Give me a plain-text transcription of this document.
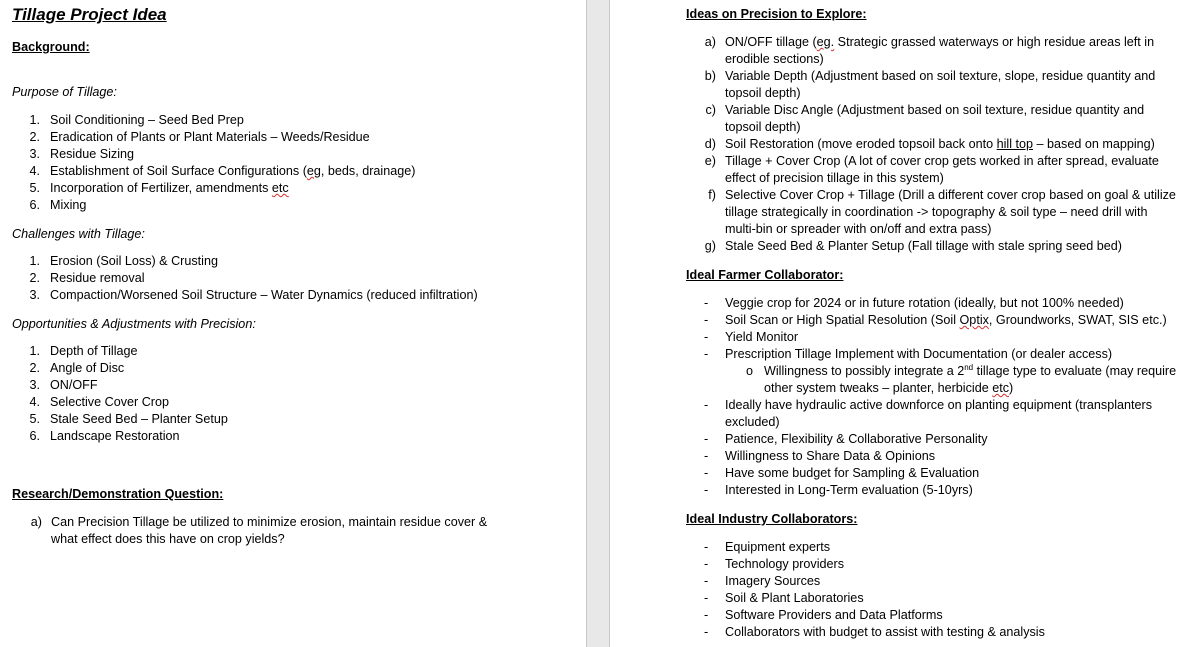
Tillage Project Idea
Background:
Purpose of Tillage:
1. Soil Conditioning – Seed Bed Prep
2. Eradication of Plants or Plant Materials – Weeds/Residue
3. Residue Sizing
4. Establishment of Soil Surface Configurations (eg, beds, drainage)
5. Incorporation of Fertilizer, amendments etc
6. Mixing
Challenges with Tillage:
1. Erosion (Soil Loss) & Crusting
2. Residue removal
3. Compaction/Worsened Soil Structure – Water Dynamics (reduced infiltration)
Opportunities & Adjustments with Precision:
1. Depth of Tillage
2. Angle of Disc
3. ON/OFF
4. Selective Cover Crop
5. Stale Seed Bed – Planter Setup
6. Landscape Restoration
Research/Demonstration Question:
a) Can Precision Tillage be utilized to minimize erosion, maintain residue cover &
what effect does this have on crop yields?
Ideas on Precision to Explore:
a) ON/OFF tillage (eg. Strategic grassed waterways or high residue areas left in
erodible sections)
b) Variable Depth (Adjustment based on soil texture, slope, residue quantity and
topsoil depth)
c) Variable Disc Angle (Adjustment based on soil texture, residue quantity and
topsoil depth)
d) Soil Restoration (move eroded topsoil back onto hill top – based on mapping)
e) Tillage + Cover Crop (A lot of cover crop gets worked in after spread, evaluate
effect of precision tillage in this system)
f) Selective Cover Crop + Tillage (Drill a different cover crop based on goal & utilize
tillage strategically in coordination -> topography & soil type – need drill with
multi-bin or spreader with on/off and extra pass)
g) Stale Seed Bed & Planter Setup (Fall tillage with stale spring seed bed)
Ideal Farmer Collaborator:
- Veggie crop for 2024 or in future rotation (ideally, but not 100% needed)
- Soil Scan or High Spatial Resolution (Soil Optix, Groundworks, SWAT, SIS etc.)
- Yield Monitor
- Prescription Tillage Implement with Documentation (or dealer access)
o Willingness to possibly integrate a 2nd tillage type to evaluate (may require
other system tweaks – planter, herbicide etc)
- Ideally have hydraulic active downforce on planting equipment (transplanters
excluded)
- Patience, Flexibility & Collaborative Personality
- Willingness to Share Data & Opinions
- Have some budget for Sampling & Evaluation
- Interested in Long-Term evaluation (5-10yrs)
Ideal Industry Collaborators:
- Equipment experts
- Technology providers
- Imagery Sources
- Soil & Plant Laboratories
- Software Providers and Data Platforms
- Collaborators with budget to assist with testing & analysis
